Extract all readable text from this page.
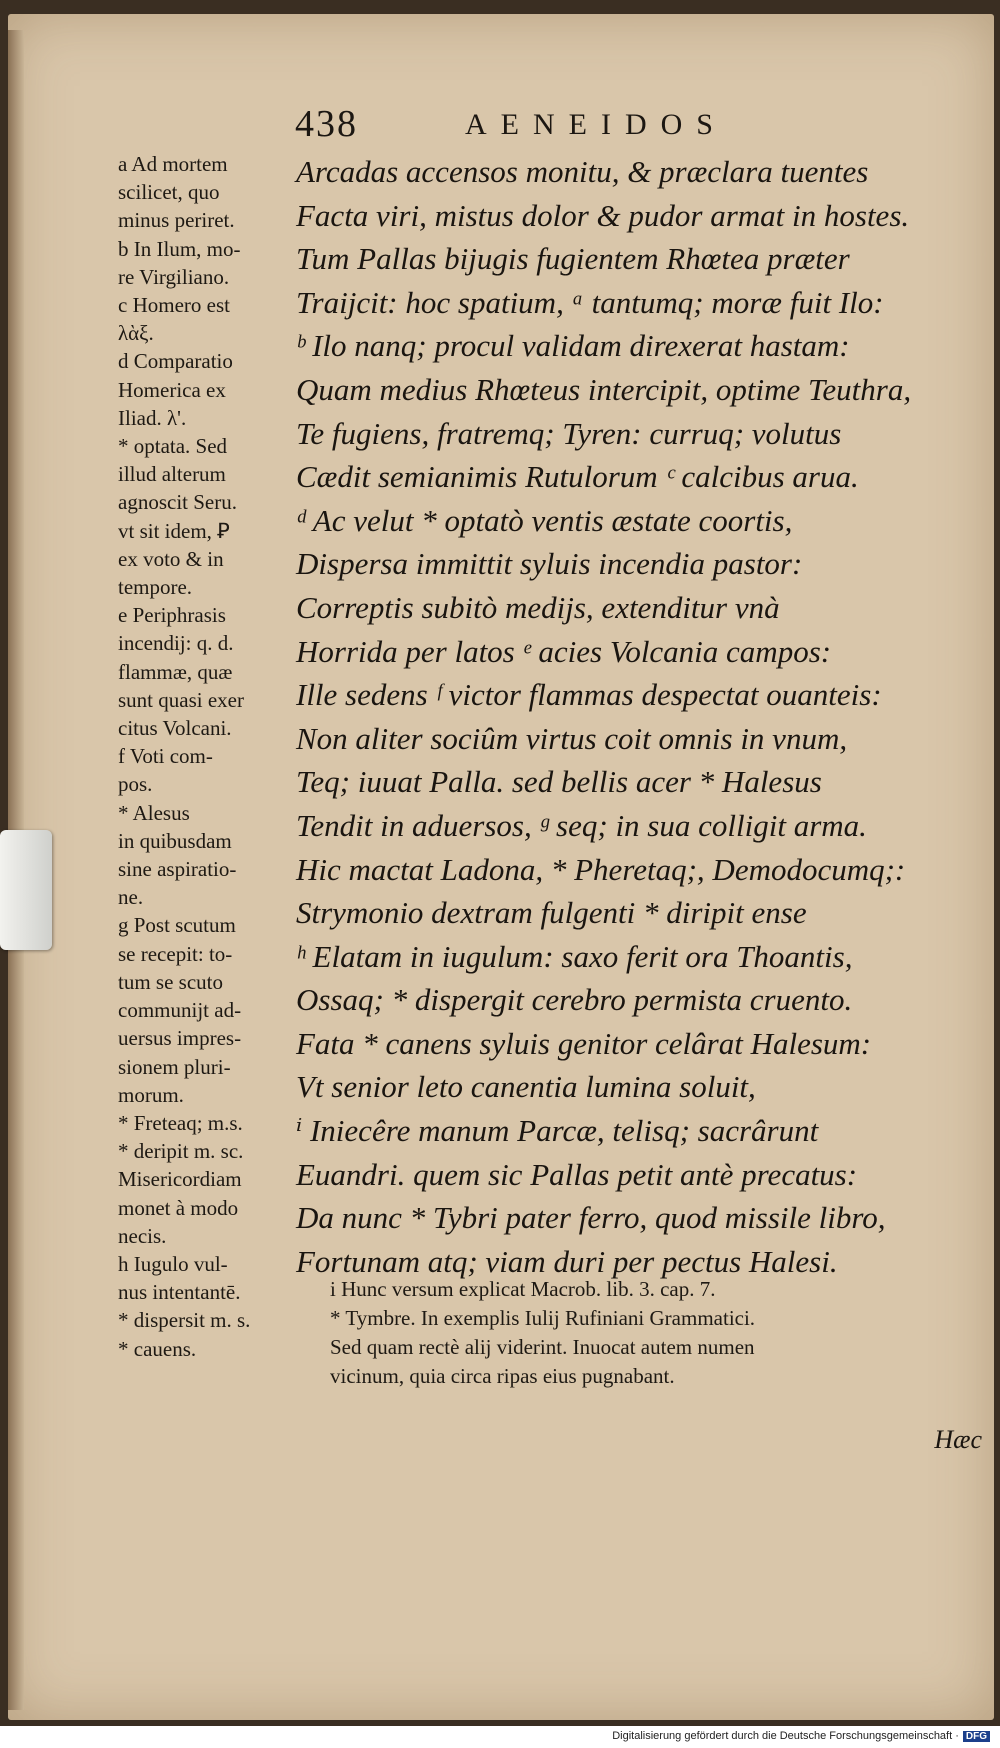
438	AENEIDOS

a Ad mortem
scilicet, quo
minus periret.

b In Ilum, mo-
re Virgiliano.

c Homero est
λὰξ.

d Comparatio
Homerica ex
Iliad. λ'.

* optata. Sed
illud alterum
agnoscit Seru.
vt sit idem, Ꝑ
ex voto & in
tempore.

e Periphrasis
incendij: q. d.
flammæ, quæ
sunt quasi exer
citus Volcani.

f Voti com-
pos.

* Alesus
in quibusdam
sine aspiratio-
ne.

g Post scutum
se recepit: to-
tum se scuto
communijt ad-
uersus impres-
sionem pluri-
morum.

* Freteaq; m.s.

* deripit m. sc.
Misericordiam
monet à modo
necis.

h Iugulo vul-
nus intentantē.

* dispersit m. s.

* cauens.

Arcadas accensos monitu, & præclara tuentes
Facta viri, mistus dolor & pudor armat in hostes.
Tum Pallas bijugis fugientem Rhœtea præter
Traijcit: hoc spatium, ᵃ tantumq; moræ fuit Ilo:
ᵇ Ilo nanq; procul validam direxerat hastam:
Quam medius Rhœteus intercipit, optime Teuthra,
Te fugiens, fratremq; Tyren: curruq; volutus
Cædit semianimis Rutulorum ᶜ calcibus arua.
ᵈ Ac velut * optatò ventis æstate coortis,
Dispersa immittit syluis incendia pastor:
Correptis subitò medijs, extenditur vnà
Horrida per latos ᵉ acies Volcania campos:
Ille sedens ᶠ victor flammas despectat ouanteis:
Non aliter sociûm virtus coit omnis in vnum,
Teq; iuuat Palla. sed bellis acer * Halesus
Tendit in aduersos, ᵍ seq; in sua colligit arma.
Hic mactat Ladona, * Pheretaq;, Demodocumq;:
Strymonio dextram fulgenti * diripit ense
ʰ Elatam in iugulum: saxo ferit ora Thoantis,
Ossaq; * dispergit cerebro permista cruento.
Fata * canens syluis genitor celârat Halesum:
Vt senior leto canentia lumina soluit,
ⁱ Iniecêre manum Parcæ, telisq; sacrârunt
Euandri. quem sic Pallas petit antè precatus:
Da nunc * Tybri pater ferro, quod missile libro,
Fortunam atq; viam duri per pectus Halesi.
i Hunc versum explicat Macrob. lib. 3. cap. 7.
* Tymbre. In exemplis Iulij Rufiniani Grammatici.
Sed quam rectè alij viderint. Inuocat autem numen
vicinum, quia circa ripas eius pugnabant.
Hæc
Digitalisierung gefördert durch die Deutsche Forschungsgemeinschaft · DFG
